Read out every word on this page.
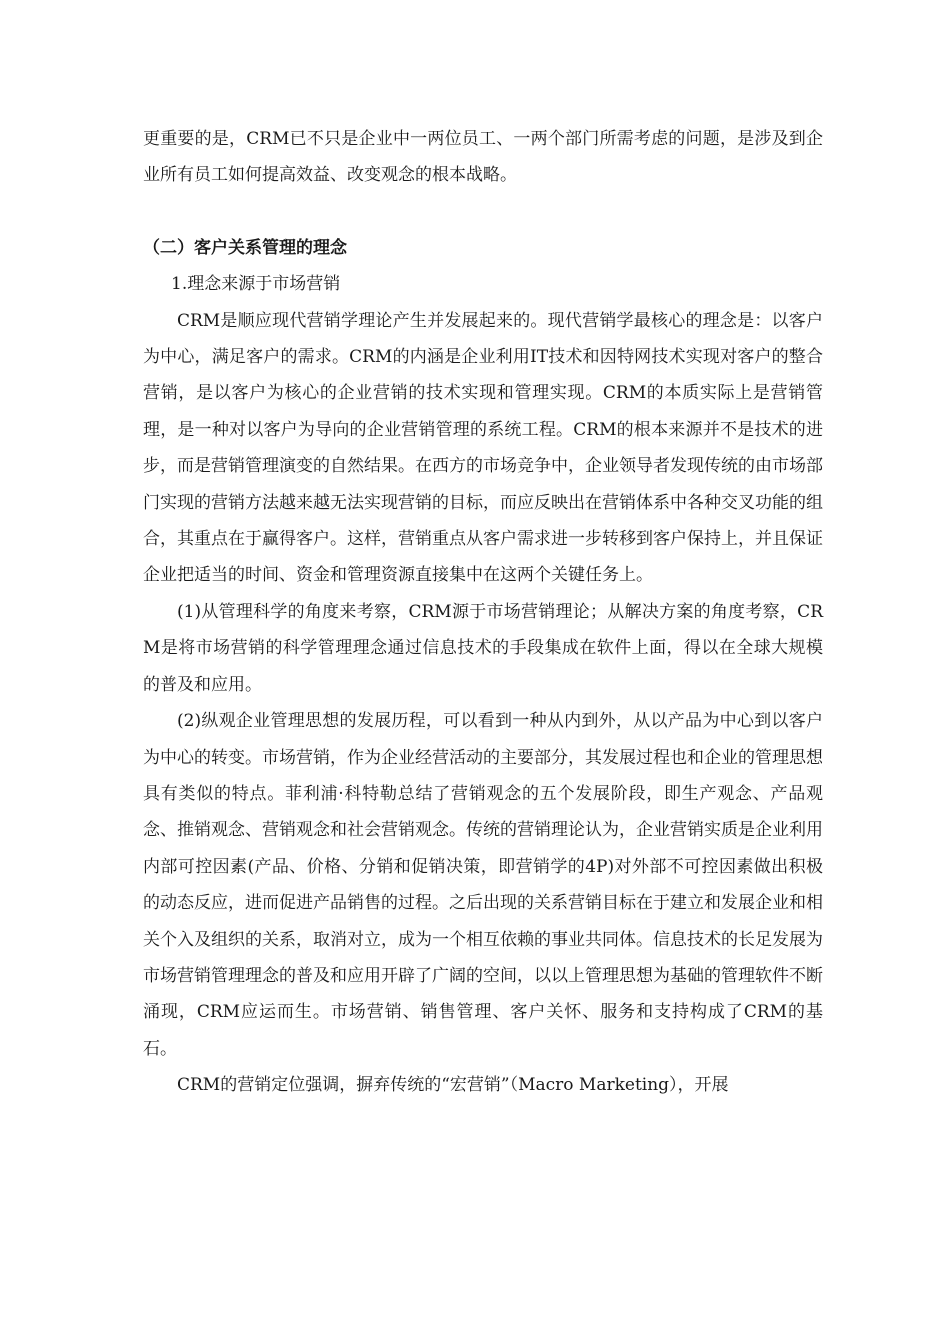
更重要的是，CRM已不只是企业中一两位员工、一两个部门所需考虑的问题，是涉及到企业所有员工如何提高效益、改变观念的根本战略。

（二）客户关系管理的理念

1.理念来源于市场营销

CRM是顺应现代营销学理论产生并发展起来的。现代营销学最核心的理念是：以客户为中心，满足客户的需求。CRM的内涵是企业利用IT技术和因特网技术实现对客户的整合营销，是以客户为核心的企业营销的技术实现和管理实现。CRM的本质实际上是营销管理，是一种对以客户为导向的企业营销管理的系统工程。CRM的根本来源并不是技术的进步，而是营销管理演变的自然结果。在西方的市场竞争中，企业领导者发现传统的由市场部门实现的营销方法越来越无法实现营销的目标，而应反映出在营销体系中各种交叉功能的组合，其重点在于赢得客户。这样，营销重点从客户需求进一步转移到客户保持上，并且保证企业把适当的时间、资金和管理资源直接集中在这两个关键任务上。

(1)从管理科学的角度来考察，CRM源于市场营销理论；从解决方案的角度考察，CRM是将市场营销的科学管理理念通过信息技术的手段集成在软件上面，得以在全球大规模的普及和应用。

(2)纵观企业管理思想的发展历程，可以看到一种从内到外，从以产品为中心到以客户为中心的转变。市场营销，作为企业经营活动的主要部分，其发展过程也和企业的管理思想具有类似的特点。菲利浦·科特勒总结了营销观念的五个发展阶段，即生产观念、产品观念、推销观念、营销观念和社会营销观念。传统的营销理论认为，企业营销实质是企业利用内部可控因素(产品、价格、分销和促销决策，即营销学的4P)对外部不可控因素做出积极的动态反应，进而促进产品销售的过程。之后出现的关系营销目标在于建立和发展企业和相关个入及组织的关系，取消对立，成为一个相互依赖的事业共同体。信息技术的长足发展为市场营销管理理念的普及和应用开辟了广阔的空间，以以上管理思想为基础的管理软件不断涌现，CRM应运而生。市场营销、销售管理、客户关怀、服务和支持构成了CRM的基石。

CRM的营销定位强调，摒弃传统的“宏营销”（Macro Marketing），开展
